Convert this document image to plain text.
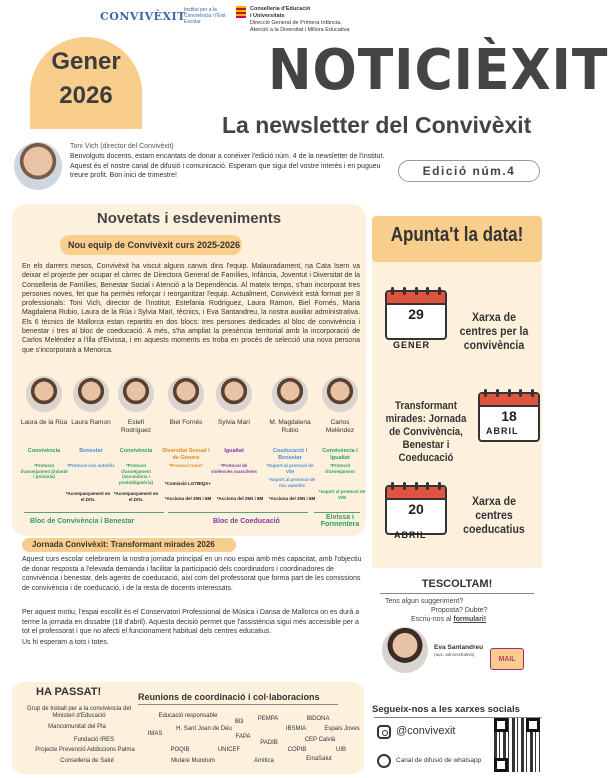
CONVIVÈXIT
Institut per a la Convivència i l'Èxit Escolar
Conselleria d'Educació
i Universitats
Direcció General de Primera Infància,
Atenció a la Diversitat i Millora Educativa
Gener
2026	NOTICIÈXIT
La newsletter del Convivèxit
Toni Vich (director del Convivèxit)
Benvolguts docents, estam encantats de donar a conèixer l'edició núm. 4 de la newsletter de l'institut. Aquest és el nostre canal de difusió i comunicació. Esperam que sigui del vostre interès i en pugueu treure profit. Bon inici de trimestre!	Edició núm.4
Novetats i esdeveniments
Nou equip de Convivèxit curs 2025-2026
En els darrers mesos, Convivèxit ha viscut alguns canvis dins l'equip. Malauradament, na Cata Isern va deixar el projecte per ocupar el càrrec de Directora General de Famílies, Infància, Joventut i Diversitat de la Conselleria de Famílies, Benestar Social i Atenció a la Dependència. Al mateix temps, s'han incorporat tres persones noves, fet que ha permès reforçar i reorganitzar l'equip. Actualment, Convivèxit està format per 8 professionals: Toni Vich, director de l'institut; Estefania Rodríguez, Laura Ramon, Biel Fornés, Maria Magdalena Rubio, Laura de la Rúa i Sylvia Marí, tècnics, i Eva Santandreu, la nostra auxiliar administrativa. Els 6 tècnics de Mallorca estan repartits en dos blocs: tres persones dedicades al bloc de convivència i benestar i tres al bloc de coeducació. A més, s'ha ampliat la presència territorial amb la incorporació de Carlos Meléndez a l'illa d'Eivissa, i en aquests moments es troba en procés de selecció una nova persona que s'incorporarà a Menorca.
Laura de la Rúa
Convivència
*Protocol d'assetjament (infantil i primària)
Laura Ramon
Benestar
*Protocol risc autolític
Estefi Rodríguez
Convivència
*Protocol d'assetjament (secundària i postobligatòria)
Biel Fornés
Diversitat Sexual i de Gènere
*Protocol trans*
Sylvia Marí
Igualtat
*Protocol de violències masclistes
M. Magdalena Rubio
Coeducació i Benestar
*Suport al protocol de V/M
Carlos Meléndez
Convivència i Igualtat
*Protocol d'assetjament
*Acompanyament en el DOL
*Acompanyament en el DOL
*Comissió LGTBIQA+
*Acciona del 25N i 8M *Acciona del 25N i 8M
*suport al protocol de risc autolític
*Acciona del 25N i 8M
*suport al protocol de V/M
Bloc de Convivència i Benestar	Bloc de Coeducació
Eivissa i Formentera
Jornada Convivèxit: Transformant mirades 2026
Aquest curs escolar celebrarem la nostra jornada principal en un nou espai amb més capacitat, amb l'objectiu de donar resposta a l'elevada demanda i facilitar la participació dels coordinadors i coordinadores de convivència i benestar, dels agents de coeducació, així com del professorat que forma part de les comissions de convivència i de coeducació, i de la resta de docents interessats.
Per aquest motiu, l'espai escollit és el Conservatori Professional de Música i Dansa de Mallorca on es durà a terme la jornada en dissabte (18 d'abril). Aquesta decisió permet que l'assistència sigui més accessible per a tot el professorat i que no afecti el funcionament habitual dels centres educatius.
Us hi esperam a tots i totes.
Apunta't la data!
29
GENER
Xarxa de centres per la convivència
18
ABRIL
Transformant mirades: Jornada de Convivència, Benestar i Coeducació
20
ABRIL
Xarxa de centres coeducatius
TESCOLTAM!
Tens algun suggeriment?
Proposta? Dubte?
Escriu-nos al formulari!
Eva Santandreu
(aux. administrativa)
MAIL
HA PASSAT!	Reunions de coordinació i col·laboracions
Grup de treball per a la convivència del Ministeri d'Educació	Educació responsable
IB3	PEMPA	IBDONA
Mancomunitat del Pla
IMAS
H. Sant Joan de Déu	IBSMIA	Espais Joves
Fundació IRES	FAPA
PADIB	CEP Calvià
Projecte Prevenció Addiccions Palma	POQIB	UNICEF	COPIB	UIB
Conselleria de Salut	Mutare Mundum	Amitica	EinaSalut
Segueix-nos a les xarxes socials
@convivexit
Canal de difusió de whatsapp
